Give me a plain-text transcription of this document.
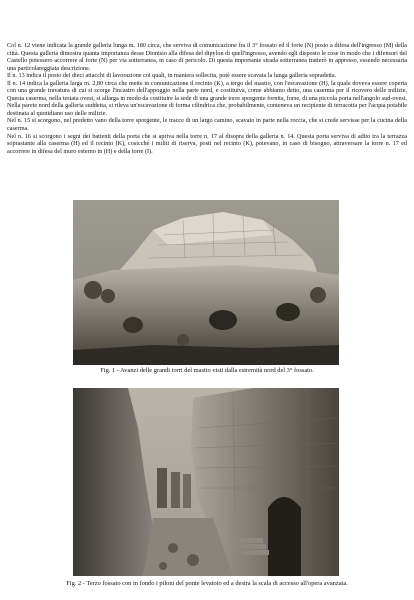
Col n. 12 viene indicata la grande galleria lunga m. 180 circa, che serviva di comunicazione fra il 3° fossato ed il forte (N) posto a difesa dell'ingresso (M) della città. Questa galleria dimostra quanta importanza desse Dionisio alla difesa del dipylon di quell'ingresso, avendo egli disposto le cose in modo che i difensori del Castello potessero accorrere al forte (N) per via sotterranea, in caso di pericolo. Di questa importante strada sotterranea tratterò in appresso, essendo necessaria una particolareggiata descrizione.

Il n. 13 indica il posto dei dieci attacchi di lavorazione coi quali, in maniera sollecita, potè essere scavata la lunga galleria sopradetta.

Il n. 14 indica la galleria larga m. 2,80 circa che mette in comunicazione il recinto (K), a tergo del mastio, con l'escavazione (H), la quale doveva essere coperta con una grande travatura di cui si scorge l'incastro dell'appoggio nella parte nord, e costituiva, come abbiamo detto, una caserma per il ricovero delle milizie. Questa caserma, nella testata ovest, si allarga in modo da costituire la sede di una grande torre sporgente fornita, forse, di una piccola porta nell'angolo sud-ovest. Nella parete nord della galleria suddetta, si rileva un'escavazione di forma cilindrica che, probabilmente, conteneva un recipiente di terracotta per l'acqua potabile destinata al quotidiano uso delle milizie.

Nel n. 15 si scorgono, nel predetto vano della torre sporgente, le tracce di un largo camino, scavato in parte nella roccia, che si crede servisse per la cucina della caserma.

Nel n. 16 si scorgono i segni dei battenti della porta che si apriva nella torre n. 17 al disopra della galleria n. 14. Questa porta serviva di adito tra la terrazza soprastante alla caserma (H) ed il recinto (K), cosicché i militi di riserva, posti nel recinto (K), potevano, in caso di bisogno, attraversare la torre n. 17 ed accorrere in difesa del muro esterno in (H) e della torre (I).

Fig. 1 - Avanzi delle grandi torri del mastio visti dalla estremità nord del 3° fossato.
Fig. 2 - Terzo fossato con in fondo i piloni del ponte levatoio ed a destra la scala di accesso all'opera avanzata.
